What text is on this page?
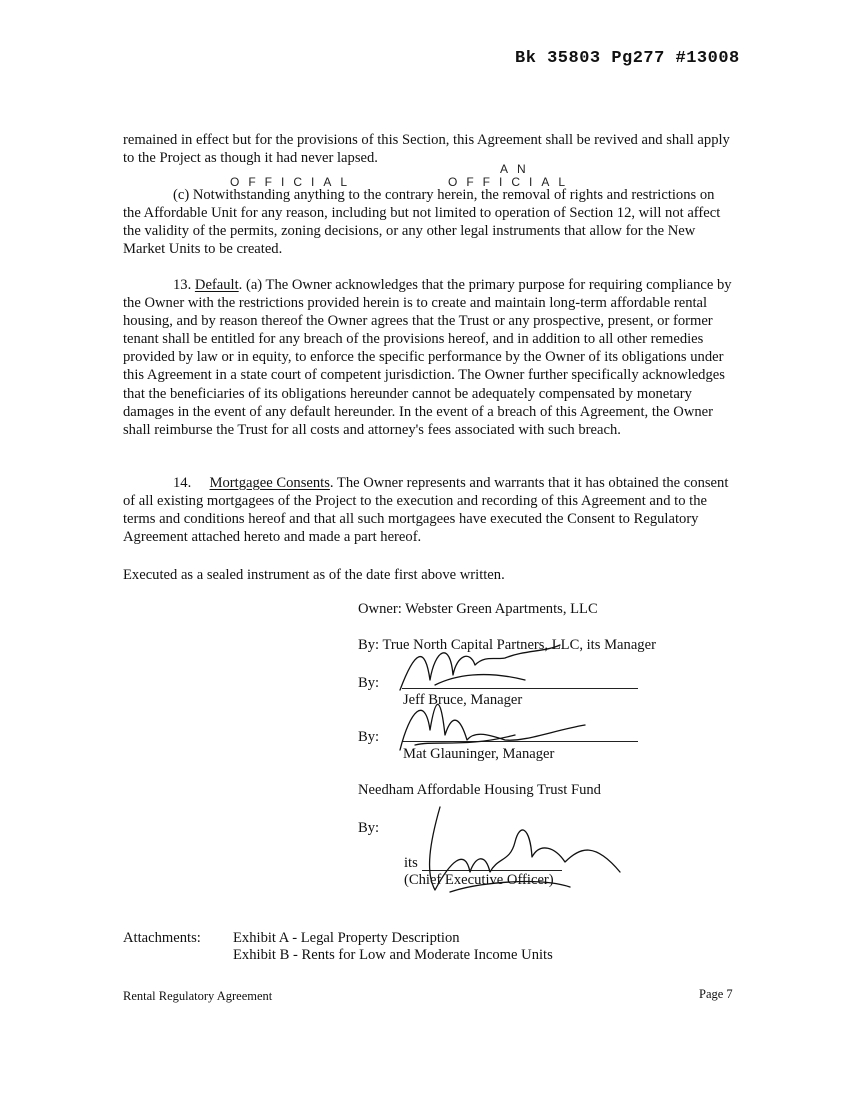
Bk 35803 Pg277 #13008
remained in effect but for the provisions of this Section, this Agreement shall be revived and shall apply to the Project as though it had never lapsed.
AN
OFFICIAL	OFFICIAL
(c) Notwithstanding anything to the contrary herein, the removal of rights and restrictions on the Affordable Unit for any reason, including but not limited to operation of Section 12, will not affect the validity of the permits, zoning decisions, or any other legal instruments that allow for the New Market Units to be created.
13. Default. (a) The Owner acknowledges that the primary purpose for requiring compliance by the Owner with the restrictions provided herein is to create and maintain long-term affordable rental housing, and by reason thereof the Owner agrees that the Trust or any prospective, present, or former tenant shall be entitled for any breach of the provisions hereof, and in addition to all other remedies provided by law or in equity, to enforce the specific performance by the Owner of its obligations under this Agreement in a state court of competent jurisdiction. The Owner further specifically acknowledges that the beneficiaries of its obligations hereunder cannot be adequately compensated by monetary damages in the event of any default hereunder. In the event of a breach of this Agreement, the Owner shall reimburse the Trust for all costs and attorney's fees associated with such breach.
14. Mortgagee Consents. The Owner represents and warrants that it has obtained the consent of all existing mortgagees of the Project to the execution and recording of this Agreement and to the terms and conditions hereof and that all such mortgagees have executed the Consent to Regulatory Agreement attached hereto and made a part hereof.
Executed as a sealed instrument as of the date first above written.
Owner: Webster Green Apartments, LLC
By: True North Capital Partners, LLC, its Manager
By:
Jeff Bruce, Manager
By:
Mat Glauninger, Manager
Needham Affordable Housing Trust Fund
By:
its
(Chief Executive Officer)
Attachments: Exhibit A - Legal Property Description
Exhibit B - Rents for Low and Moderate Income Units
Rental Regulatory Agreement	Page 7
